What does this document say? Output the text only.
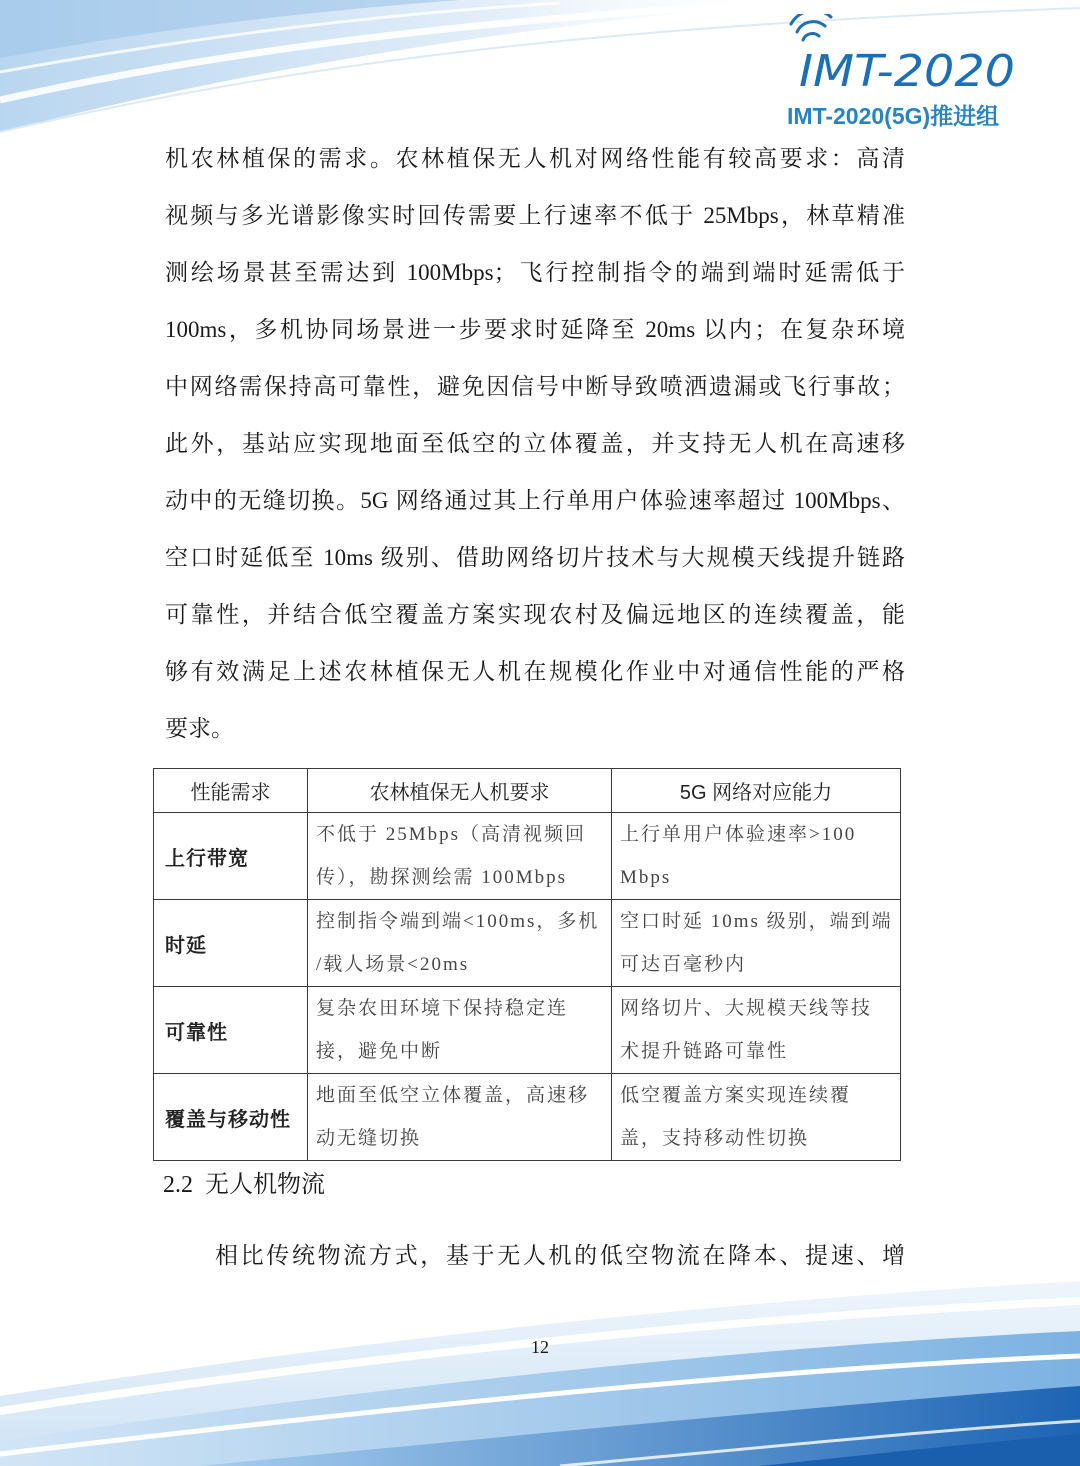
IMT-2020
IMT-2020(5G)推进组
机农林植保的需求。农林植保无人机对网络性能有较高要求：高清
视频与多光谱影像实时回传需要上行速率不低于 25Mbps，林草精准
测绘场景甚至需达到 100Mbps；飞行控制指令的端到端时延需低于
100ms，多机协同场景进一步要求时延降至 20ms 以内；在复杂环境
中网络需保持高可靠性，避免因信号中断导致喷洒遗漏或飞行事故；
此外，基站应实现地面至低空的立体覆盖，并支持无人机在高速移
动中的无缝切换。5G 网络通过其上行单用户体验速率超过 100Mbps、
空口时延低至 10ms 级别、借助网络切片技术与大规模天线提升链路
可靠性，并结合低空覆盖方案实现农村及偏远地区的连续覆盖，能
够有效满足上述农林植保无人机在规模化作业中对通信性能的严格
要求。
性能需求	农林植保无人机要求	5G 网络对应能力
上行带宽	不低于 25Mbps（高清视频回
传），勘探测绘需 100Mbps	上行单用户体验速率>100
Mbps
时延	控制指令端到端<100ms，多机
/载人场景<20ms	空口时延 10ms 级别，端到端
可达百毫秒内
可靠性	复杂农田环境下保持稳定连
接，避免中断	网络切片、大规模天线等技
术提升链路可靠性
覆盖与移动性	地面至低空立体覆盖，高速移
动无缝切换	低空覆盖方案实现连续覆
盖，支持移动性切换
2.2 无人机物流
相比传统物流方式，基于无人机的低空物流在降本、提速、增
12
